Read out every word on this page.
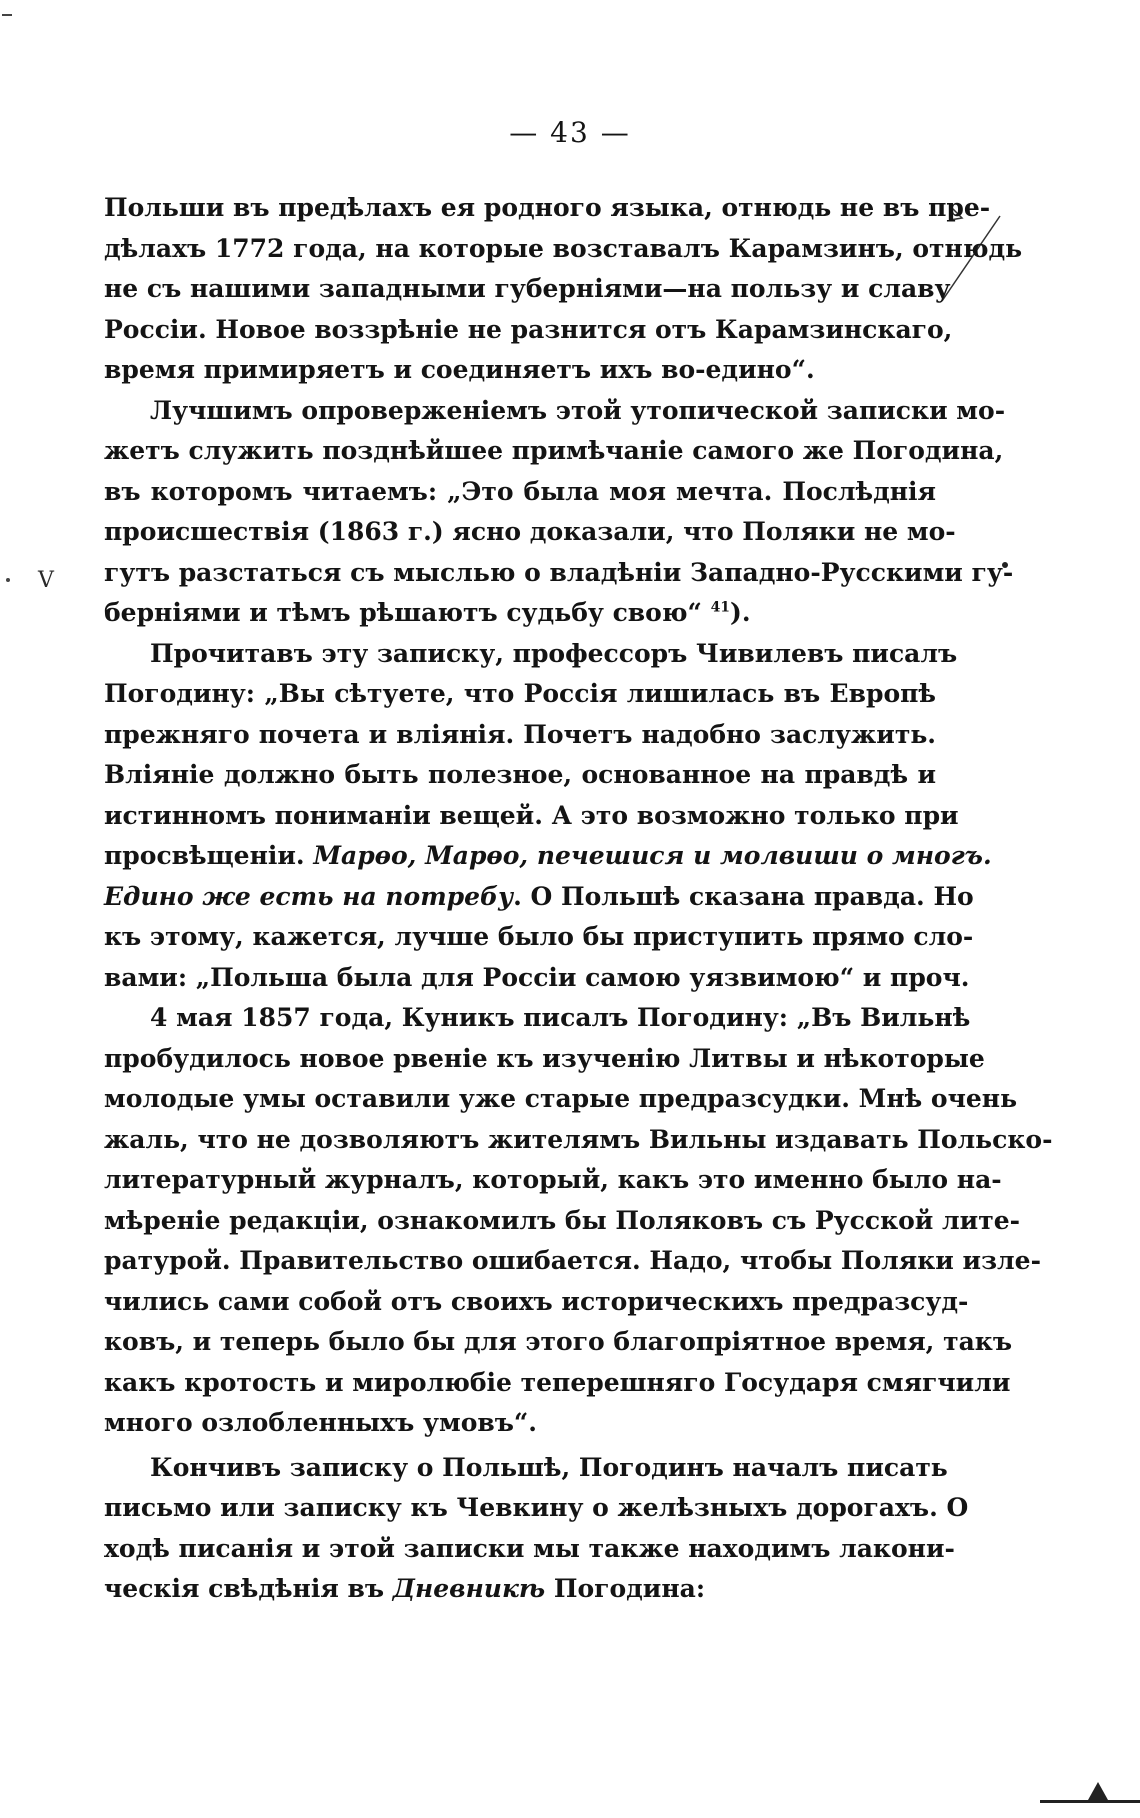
— 43 —
V
Польши въ предѣлахъ ея родного языка, отнюдь не въ пре-
дѣлахъ 1772 года, на которые возставалъ Карамзинъ, отнюдь
не съ нашими западными губерніями—на пользу и славу
Россіи. Новое воззрѣніе не разнится отъ Карамзинскаго,
время примиряетъ и соединяетъ ихъ во-едино“.
Лучшимъ опроверженіемъ этой утопической записки мо-
жетъ служить позднѣйшее примѣчаніе самого же Погодина,
въ которомъ читаемъ: „Это была моя мечта. Послѣднія
происшествія (1863 г.) ясно доказали, что Поляки не мо-
гутъ разстаться съ мыслью о владѣніи Западно-Русскими гу-
берніями и тѣмъ рѣшаютъ судьбу свою“ $^{41}$).
Прочитавъ эту записку, профессоръ Чивилевъ писалъ
Погодину: „Вы сѣтуете, что Россія лишилась въ Европѣ
прежняго почета и вліянія. Почетъ надобно заслужить.
Вліяніе должно быть полезное, основанное на правдѣ и
истинномъ пониманіи вещей. А это возможно только при
просвѣщеніи. Марѳо, Марѳо, печешися и молвиши о многъ.
Едино же есть на потребу. О Польшѣ сказана правда. Но
къ этому, кажется, лучше было бы приступить прямо сло-
вами: „Польша была для Россіи самою уязвимою“ и проч.
4 мая 1857 года, Куникъ писалъ Погодину: „Въ Вильнѣ
пробудилось новое рвеніе къ изученію Литвы и нѣкоторые
молодые умы оставили уже старые предразсудки. Мнѣ очень
жаль, что не дозволяютъ жителямъ Вильны издавать Польско-
литературный журналъ, который, какъ это именно было на-
мѣреніе редакціи, ознакомилъ бы Поляковъ съ Русской лите-
ратурой. Правительство ошибается. Надо, чтобы Поляки изле-
чились сами собой отъ своихъ историческихъ предразсуд-
ковъ, и теперь было бы для этого благопріятное время, такъ
какъ кротость и миролюбіе теперешняго Государя смягчили
много озлобленныхъ умовъ“.
Кончивъ записку о Польшѣ, Погодинъ началъ писать
письмо или записку къ Чевкину о желѣзныхъ дорогахъ. О
ходѣ писанія и этой записки мы также находимъ лакони-
ческія свѣдѣнія въ Дневникѣ Погодина:
